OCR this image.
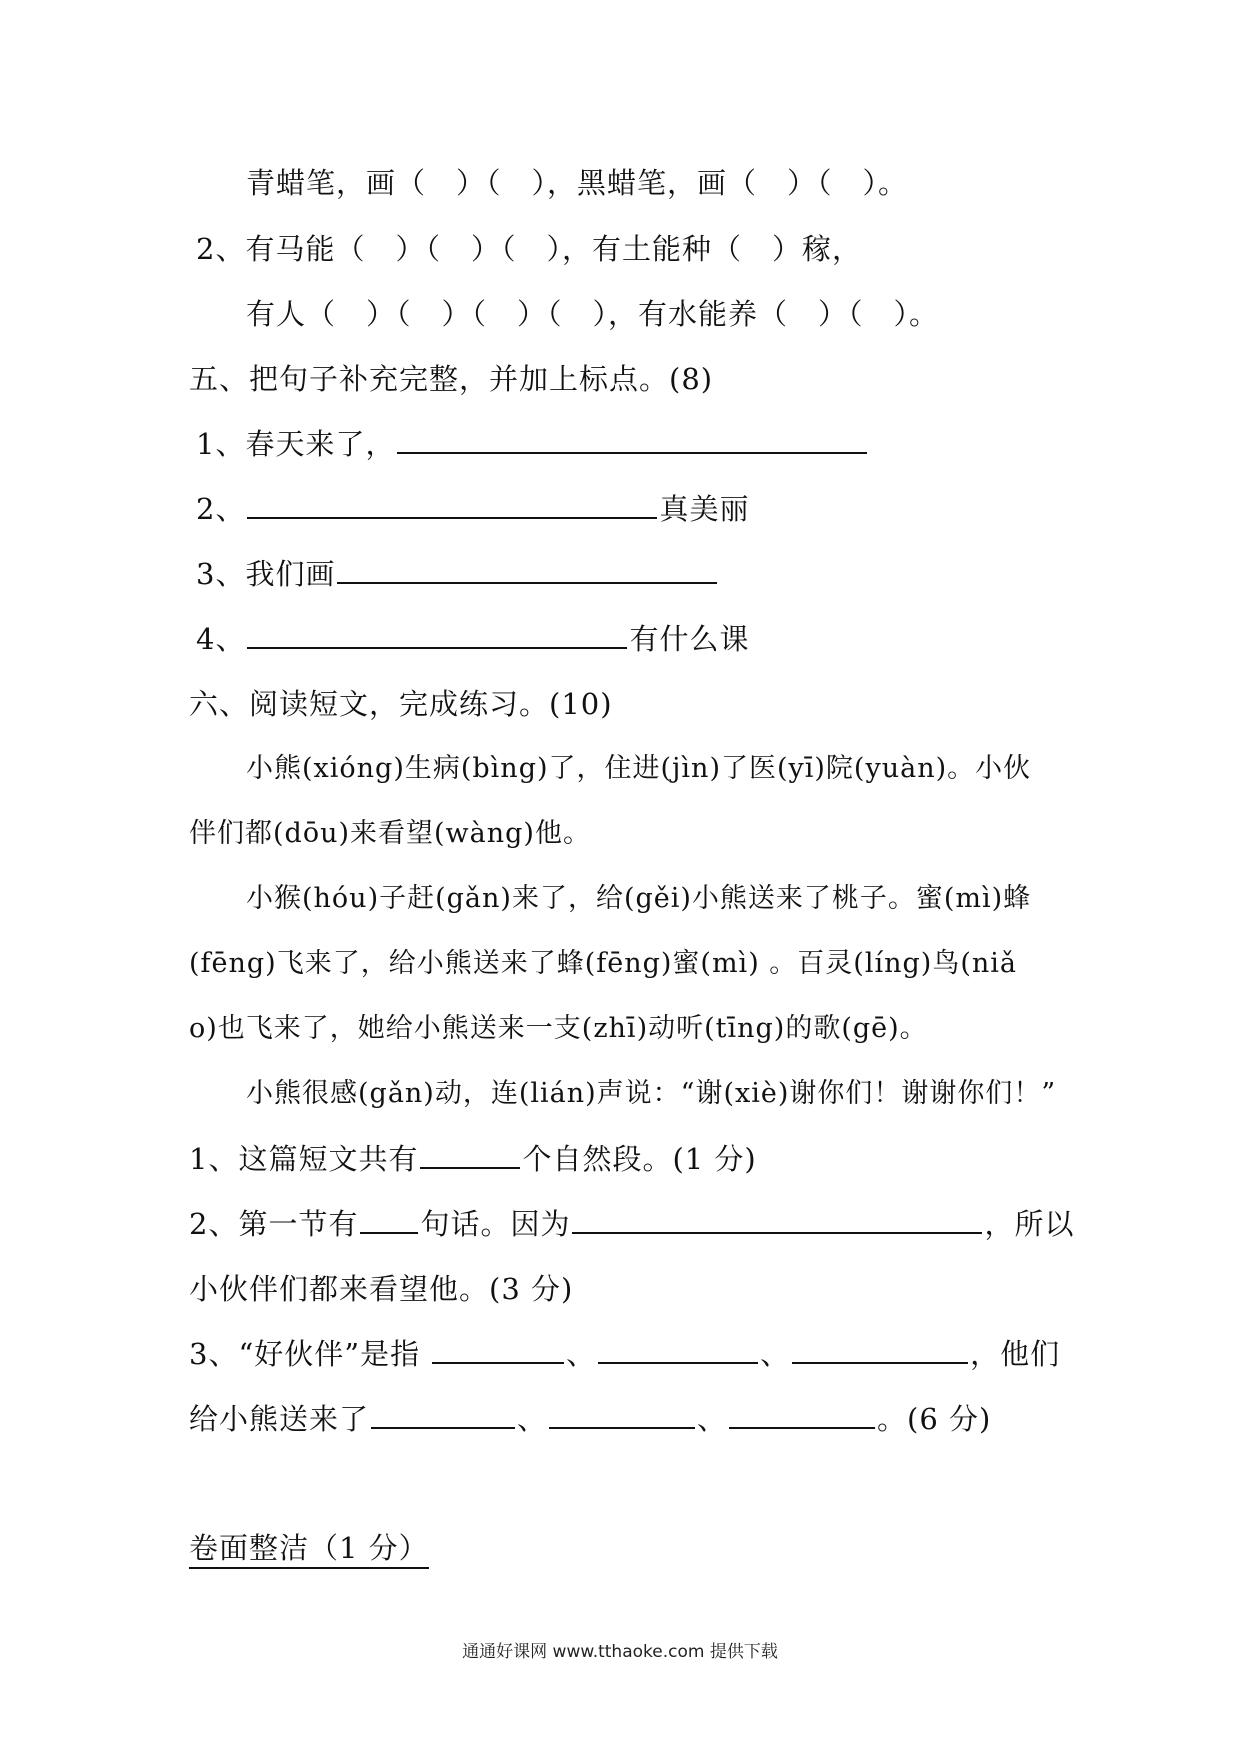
青蜡笔，画（　）（　），黑蜡笔，画（　）（　）。
2、有马能（　）（　）（　），有土能种（　）稼，
有人（　）（　）（　）（　），有水能养（　）（　）。
五、把句子补充完整，并加上标点。(8)
1、春天来了，
2、	真美丽
3、我们画
4、	有什么课
六、阅读短文，完成练习。(10)
小熊(xióng)生病(bìng)了，住进(jìn)了医(yī)院(yuàn)。小伙
伴们都(dōu)来看望(wàng)他。
小猴(hóu)子赶(gǎn)来了，给(gěi)小熊送来了桃子。蜜(mì)蜂
(fēng)飞来了，给小熊送来了蜂(fēng)蜜(mì) 。百灵(líng)鸟(niǎ
o)也飞来了，她给小熊送来一支(zhī)动听(tīng)的歌(gē)。
小熊很感(gǎn)动，连(lián)声说：“谢(xiè)谢你们！谢谢你们！”
1、这篇短文共有	个自然段。(1 分)
2、第一节有 句话。因为	，所以
小伙伴们都来看望他。(3 分)
3、“好伙伴”是指	、	、	，他们
给小熊送来了	、	、	。(6 分)
卷面整洁（1 分）
通通好课网 www.tthaoke.com 提供下载
